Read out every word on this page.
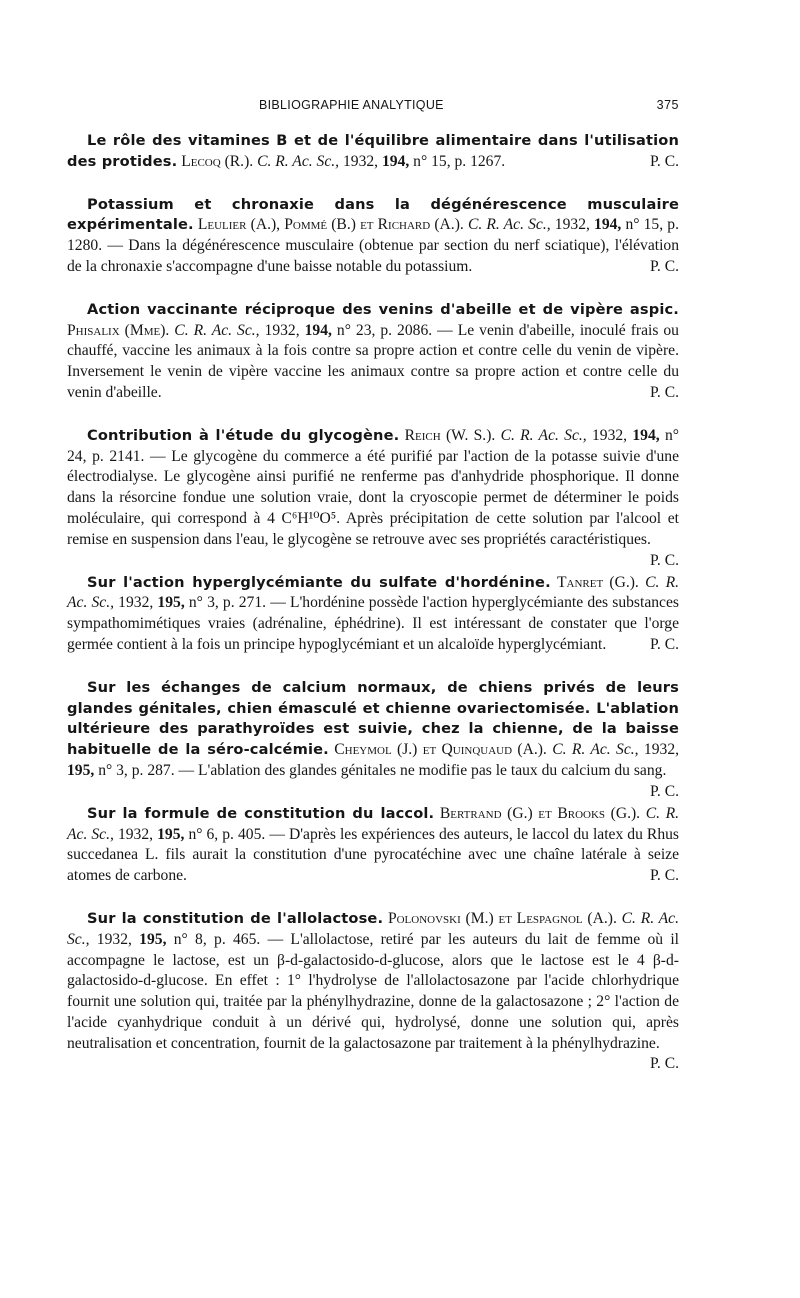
BIBLIOGRAPHIE ANALYTIQUE	375
Le rôle des vitamines B et de l'équilibre alimentaire dans l'utilisation des protides. Lecoq (R.). C. R. Ac. Sc., 1932, 194, n° 15, p. 1267.	P. C.
Potassium et chronaxie dans la dégénérescence musculaire expérimentale. Leulier (A.), Pommé (B.) et Richard (A.). C. R. Ac. Sc., 1932, 194, n° 15, p. 1280. — Dans la dégénérescence musculaire (obtenue par section du nerf sciatique), l'élévation de la chronaxie s'accompagne d'une baisse notable du potassium.	P. C.
Action vaccinante réciproque des venins d'abeille et de vipère aspic. Phisalix (Mme). C. R. Ac. Sc., 1932, 194, n° 23, p. 2086. — Le venin d'abeille, inoculé frais ou chauffé, vaccine les animaux à la fois contre sa propre action et contre celle du venin de vipère. Inversement le venin de vipère vaccine les animaux contre sa propre action et contre celle du venin d'abeille.	P. C.
Contribution à l'étude du glycogène. Reich (W. S.). C. R. Ac. Sc., 1932, 194, n° 24, p. 2141. — Le glycogène du commerce a été purifié par l'action de la potasse suivie d'une électrodialyse. Le glycogène ainsi purifié ne renferme pas d'anhydride phosphorique. Il donne dans la résorcine fondue une solution vraie, dont la cryoscopie permet de déterminer le poids moléculaire, qui correspond à 4 C⁶H¹⁰O⁵. Après précipitation de cette solution par l'alcool et remise en suspension dans l'eau, le glycogène se retrouve avec ses propriétés caractéristiques.
P. C.
Sur l'action hyperglycémiante du sulfate d'hordénine. Tanret (G.). C. R. Ac. Sc., 1932, 195, n° 3, p. 271. — L'hordénine possède l'action hyperglycémiante des substances sympathomimétiques vraies (adrénaline, éphédrine). Il est intéressant de constater que l'orge germée contient à la fois un principe hypoglycémiant et un alcaloïde hyperglycémiant.	P. C.
Sur les échanges de calcium normaux, de chiens privés de leurs glandes génitales, chien émasculé et chienne ovariectomisée. L'ablation ultérieure des parathyroïdes est suivie, chez la chienne, de la baisse habituelle de la séro-calcémie. Cheymol (J.) et Quinquaud (A.). C. R. Ac. Sc., 1932, 195, n° 3, p. 287. — L'ablation des glandes génitales ne modifie pas le taux du calcium du sang.
P. C.
Sur la formule de constitution du laccol. Bertrand (G.) et Brooks (G.). C. R. Ac. Sc., 1932, 195, n° 6, p. 405. — D'après les expériences des auteurs, le laccol du latex du Rhus succedanea L. fils aurait la constitution d'une pyrocatéchine avec une chaîne latérale à seize atomes de carbone.	P. C.
Sur la constitution de l'allolactose. Polonovski (M.) et Lespagnol (A.). C. R. Ac. Sc., 1932, 195, n° 8, p. 465. — L'allolactose, retiré par les auteurs du lait de femme où il accompagne le lactose, est un β-d-galactosido-d-glucose, alors que le lactose est le 4 β-d-galactosido-d-glucose. En effet : 1° l'hydrolyse de l'allolactosazone par l'acide chlorhydrique fournit une solution qui, traitée par la phénylhydrazine, donne de la galactosazone ; 2° l'action de l'acide cyanhydrique conduit à un dérivé qui, hydrolysé, donne une solution qui, après neutralisation et concentration, fournit de la galactosazone par traitement à la phénylhydrazine.
P. C.
